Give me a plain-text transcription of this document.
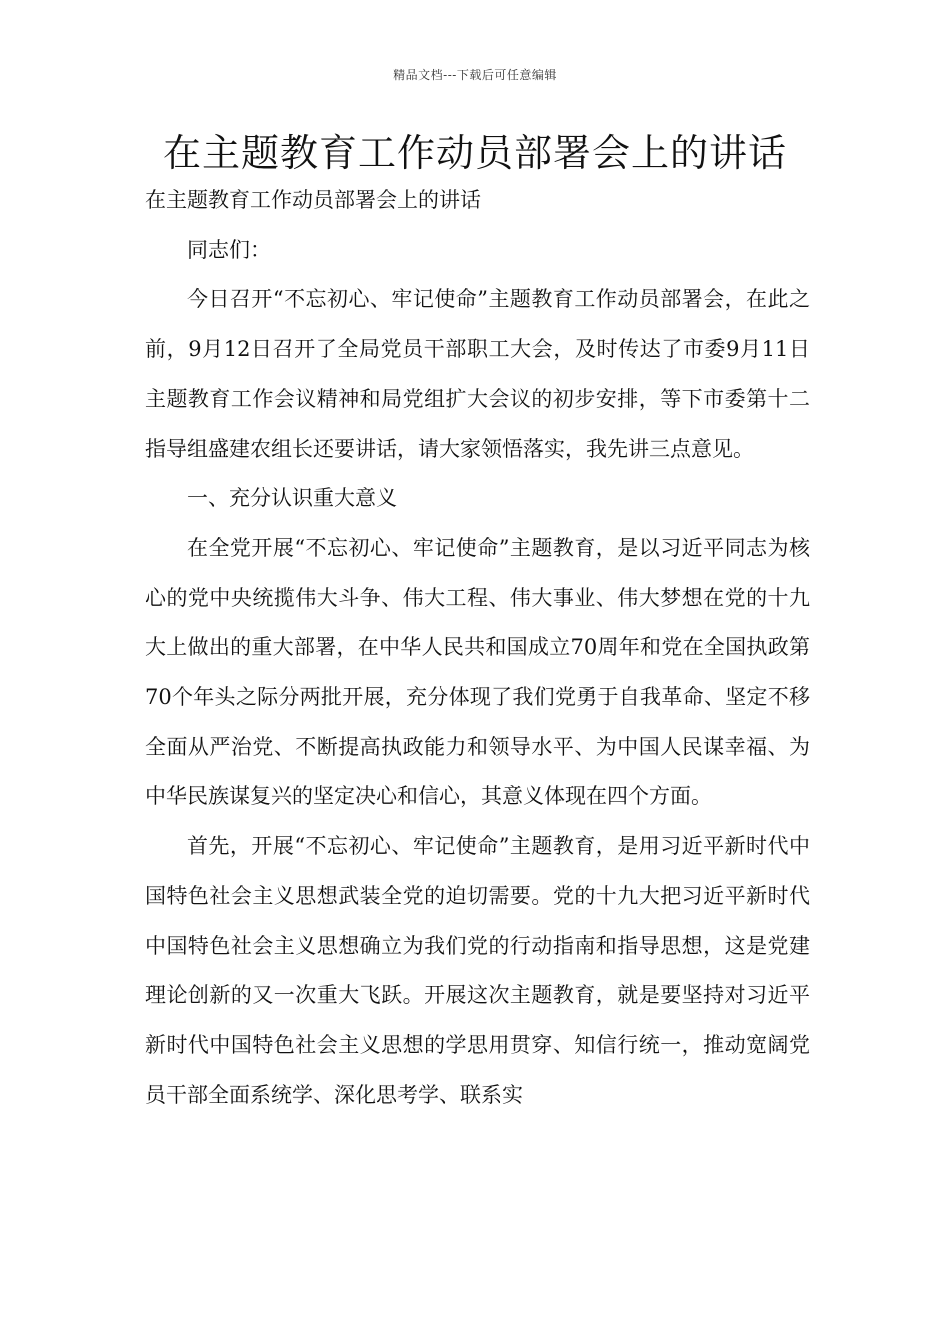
精品文档---下载后可任意编辑
在主题教育工作动员部署会上的讲话

在主题教育工作动员部署会上的讲话

同志们：

今日召开“不忘初心、牢记使命”主题教育工作动员部署会，在此之前，9月12日召开了全局党员干部职工大会，及时传达了市委9月11日主题教育工作会议精神和局党组扩大会议的初步安排，等下市委第十二指导组盛建农组长还要讲话，请大家领悟落实，我先讲三点意见。

一、充分认识重大意义

在全党开展“不忘初心、牢记使命”主题教育，是以习近平同志为核心的党中央统揽伟大斗争、伟大工程、伟大事业、伟大梦想在党的十九大上做出的重大部署，在中华人民共和国成立70周年和党在全国执政第70个年头之际分两批开展，充分体现了我们党勇于自我革命、坚定不移全面从严治党、不断提高执政能力和领导水平、为中国人民谋幸福、为中华民族谋复兴的坚定决心和信心，其意义体现在四个方面。

首先，开展“不忘初心、牢记使命”主题教育，是用习近平新时代中国特色社会主义思想武装全党的迫切需要。党的十九大把习近平新时代中国特色社会主义思想确立为我们党的行动指南和指导思想，这是党建理论创新的又一次重大飞跃。开展这次主题教育，就是要坚持对习近平新时代中国特色社会主义思想的学思用贯穿、知信行统一，推动宽阔党员干部全面系统学、深化思考学、联系实
